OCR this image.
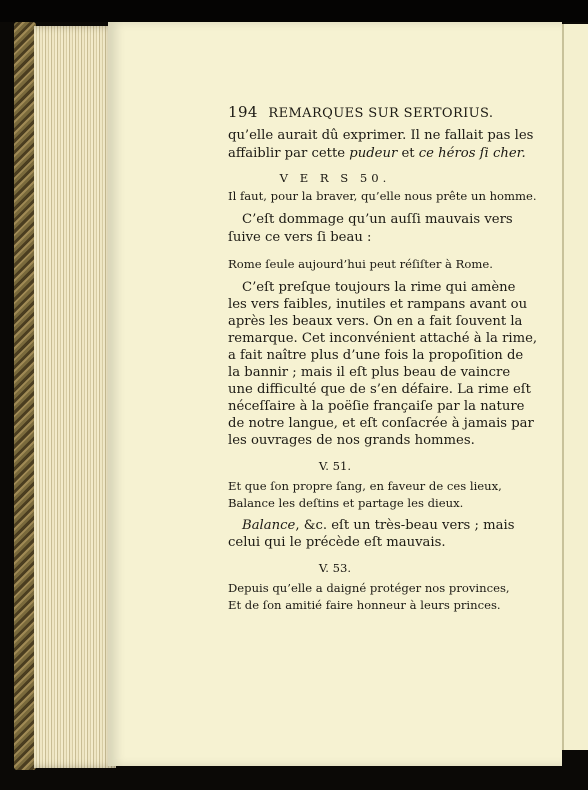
194 REMARQUES SUR SERTORIUS.
qu’elle aurait dû exprimer. Il ne fallait pas les
affaiblir par cette pudeur et ce héros ſi cher.
V E R S 50.
Il faut, pour la braver, qu’elle nous prête un homme.
C’eſt dommage qu’un auſſi mauvais vers
ſuive ce vers ſi beau :
Rome ſeule aujourd’hui peut réſiſter à Rome.
C’eſt preſque toujours la rime qui amène
les vers faibles, inutiles et rampans avant ou
après les beaux vers. On en a fait ſouvent la
remarque. Cet inconvénient attaché à la rime,
a fait naître plus d’une fois la propoſition de
la bannir ; mais il eſt plus beau de vaincre
une difficulté que de s’en défaire. La rime eſt
néceſſaire à la poëſie françaiſe par la nature
de notre langue, et eſt conſacrée à jamais par
les ouvrages de nos grands hommes.
V. 51.
Et que ſon propre ſang, en faveur de ces lieux,
Balance les deſtins et partage les dieux.
Balance, &c. eſt un très-beau vers ; mais
celui qui le précède eſt mauvais.
V. 53.
Depuis qu’elle a daigné protéger nos provinces,
Et de ſon amitié faire honneur à leurs princes.
